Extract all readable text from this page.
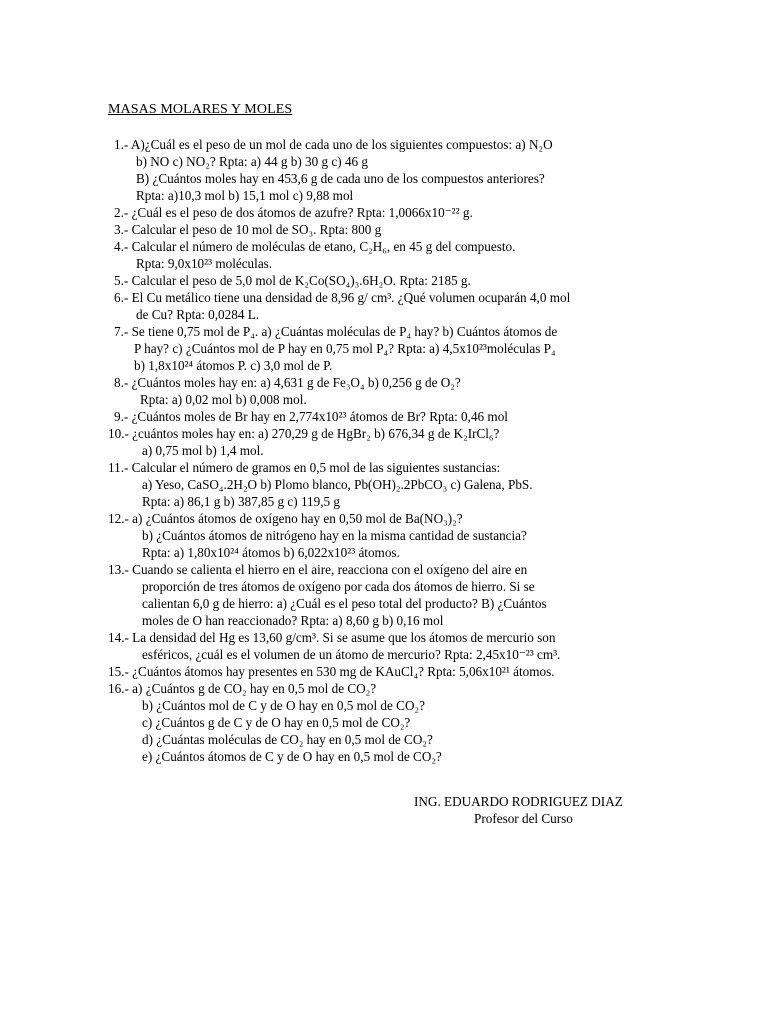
MASAS MOLARES Y MOLES
1.- A)¿Cuál es el peso de un mol de cada uno de los siguientes compuestos: a) N₂O
b) NO c) NO₂? Rpta: a) 44 g b) 30 g c) 46 g
B) ¿Cuántos moles hay en 453,6 g de cada uno de los compuestos anteriores?
Rpta: a)10,3 mol b) 15,1 mol c) 9,88 mol
2.- ¿Cuál es el peso de dos átomos de azufre? Rpta: 1,0066x10⁻²² g.
3.- Calcular el peso de 10 mol de SO₃. Rpta: 800 g
4.- Calcular el número de moléculas de etano, C₂H₆, en 45 g del compuesto.
Rpta: 9,0x10²³ moléculas.
5.- Calcular el peso de 5,0 mol de K₂Co(SO₄)₃.6H₂O. Rpta: 2185 g.
6.- El Cu metálico tiene una densidad de 8,96 g/ cm³. ¿Qué volumen ocuparán 4,0 mol
de Cu? Rpta: 0,0284 L.
7.- Se tiene 0,75 mol de P₄. a) ¿Cuántas moléculas de P₄ hay? b) Cuántos átomos de
P hay? c) ¿Cuántos mol de P hay en 0,75 mol P₄? Rpta: a) 4,5x10²³moléculas P₄
b) 1,8x10²⁴ átomos P. c) 3,0 mol de P.
8.- ¿Cuántos moles hay en: a) 4,631 g de Fe₃O₄ b) 0,256 g de O₂?
Rpta: a) 0,02 mol b) 0,008 mol.
9.- ¿Cuántos moles de Br hay en 2,774x10²³ átomos de Br? Rpta: 0,46 mol
10.- ¿cuántos moles hay en: a) 270,29 g de HgBr₂ b) 676,34 g de K₂IrCl₆?
a) 0,75 mol b) 1,4 mol.
11.- Calcular el número de gramos en 0,5 mol de las siguientes sustancias:
a) Yeso, CaSO₄.2H₂O b) Plomo blanco, Pb(OH)₂.2PbCO₃ c) Galena, PbS.
Rpta: a) 86,1 g b) 387,85 g c) 119,5 g
12.- a) ¿Cuántos átomos de oxígeno hay en 0,50 mol de Ba(NO₃)₂?
b) ¿Cuántos átomos de nitrógeno hay en la misma cantidad de sustancia?
Rpta: a) 1,80x10²⁴ átomos b) 6,022x10²³ átomos.
13.- Cuando se calienta el hierro en el aire, reacciona con el oxígeno del aire en
proporción de tres átomos de oxígeno por cada dos átomos de hierro. Si se
calientan 6,0 g de hierro: a) ¿Cuál es el peso total del producto? B) ¿Cuántos
moles de O han reaccionado? Rpta: a) 8,60 g b) 0,16 mol
14.- La densidad del Hg es 13,60 g/cm³. Si se asume que los átomos de mercurio son
esféricos, ¿cuál es el volumen de un átomo de mercurio? Rpta: 2,45x10⁻²³ cm³.
15.- ¿Cuántos átomos hay presentes en 530 mg de KAuCl₄? Rpta: 5,06x10²¹ átomos.
16.- a) ¿Cuántos g de CO₂ hay en 0,5 mol de CO₂?
b) ¿Cuántos mol de C y de O hay en 0,5 mol de CO₂?
c) ¿Cuántos g de C y de O hay en 0,5 mol de CO₂?
d) ¿Cuántas moléculas de CO₂ hay en 0,5 mol de CO₂?
e) ¿Cuántos átomos de C y de O hay en 0,5 mol de CO₂?
ING. EDUARDO RODRIGUEZ DIAZ
Profesor del Curso
